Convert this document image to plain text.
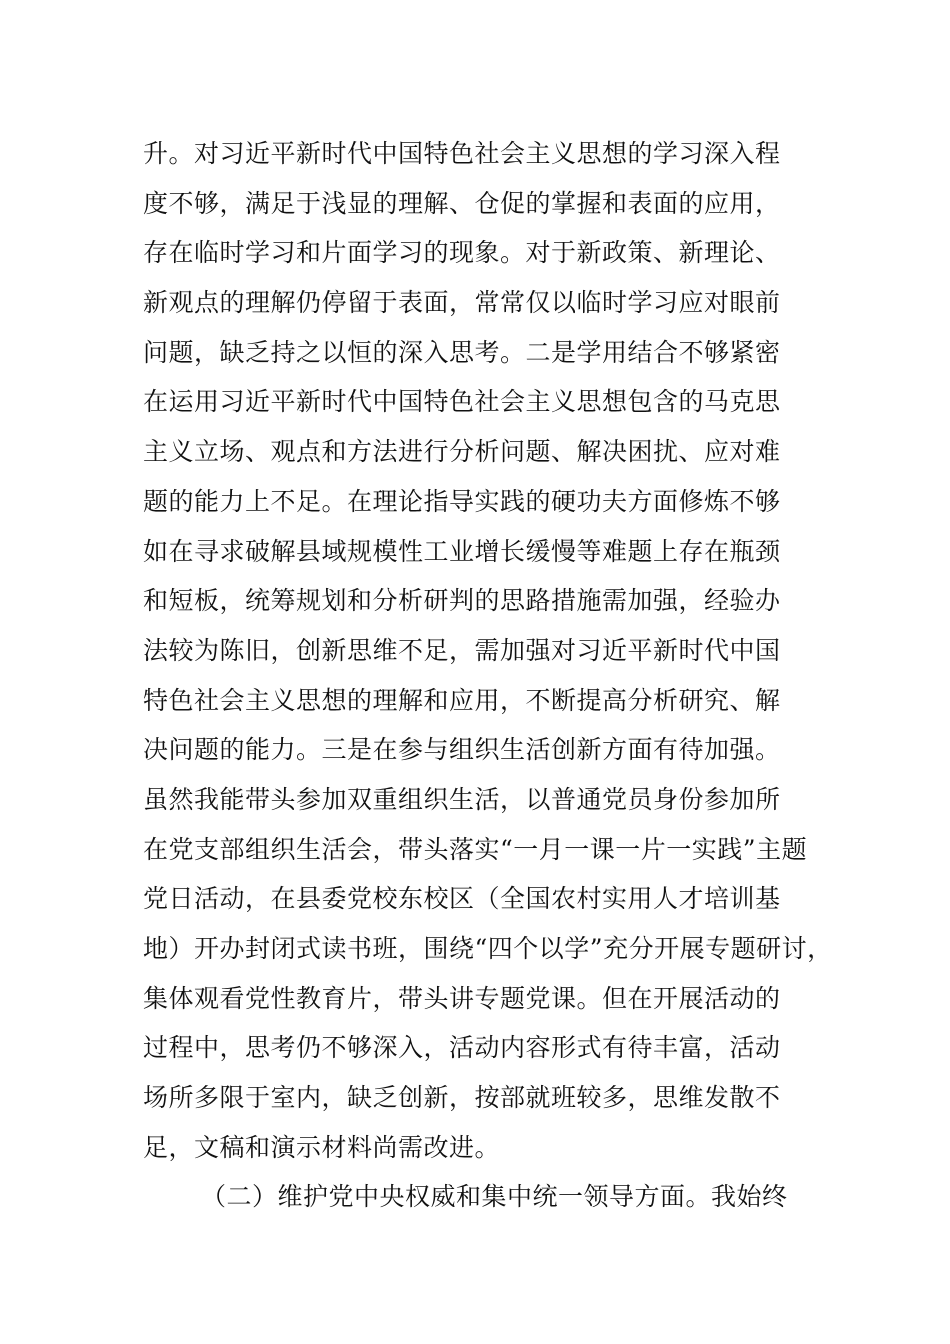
升。对习近平新时代中国特色社会主义思想的学习深入程
度不够，满足于浅显的理解、仓促的掌握和表面的应用，
存在临时学习和片面学习的现象。对于新政策、新理论、
新观点的理解仍停留于表面，常常仅以临时学习应对眼前
问题，缺乏持之以恒的深入思考。二是学用结合不够紧密
在运用习近平新时代中国特色社会主义思想包含的马克思
主义立场、观点和方法进行分析问题、解决困扰、应对难
题的能力上不足。在理论指导实践的硬功夫方面修炼不够
如在寻求破解县域规模性工业增长缓慢等难题上存在瓶颈
和短板，统筹规划和分析研判的思路措施需加强，经验办
法较为陈旧，创新思维不足，需加强对习近平新时代中国
特色社会主义思想的理解和应用，不断提高分析研究、解
决问题的能力。三是在参与组织生活创新方面有待加强。
虽然我能带头参加双重组织生活，以普通党员身份参加所
在党支部组织生活会，带头落实“一月一课一片一实践”主题
党日活动，在县委党校东校区（全国农村实用人才培训基
地）开办封闭式读书班，围绕“四个以学”充分开展专题研讨，
集体观看党性教育片，带头讲专题党课。但在开展活动的
过程中，思考仍不够深入，活动内容形式有待丰富，活动
场所多限于室内，缺乏创新，按部就班较多，思维发散不
足，文稿和演示材料尚需改进。
（二）维护党中央权威和集中统一领导方面。我始终
